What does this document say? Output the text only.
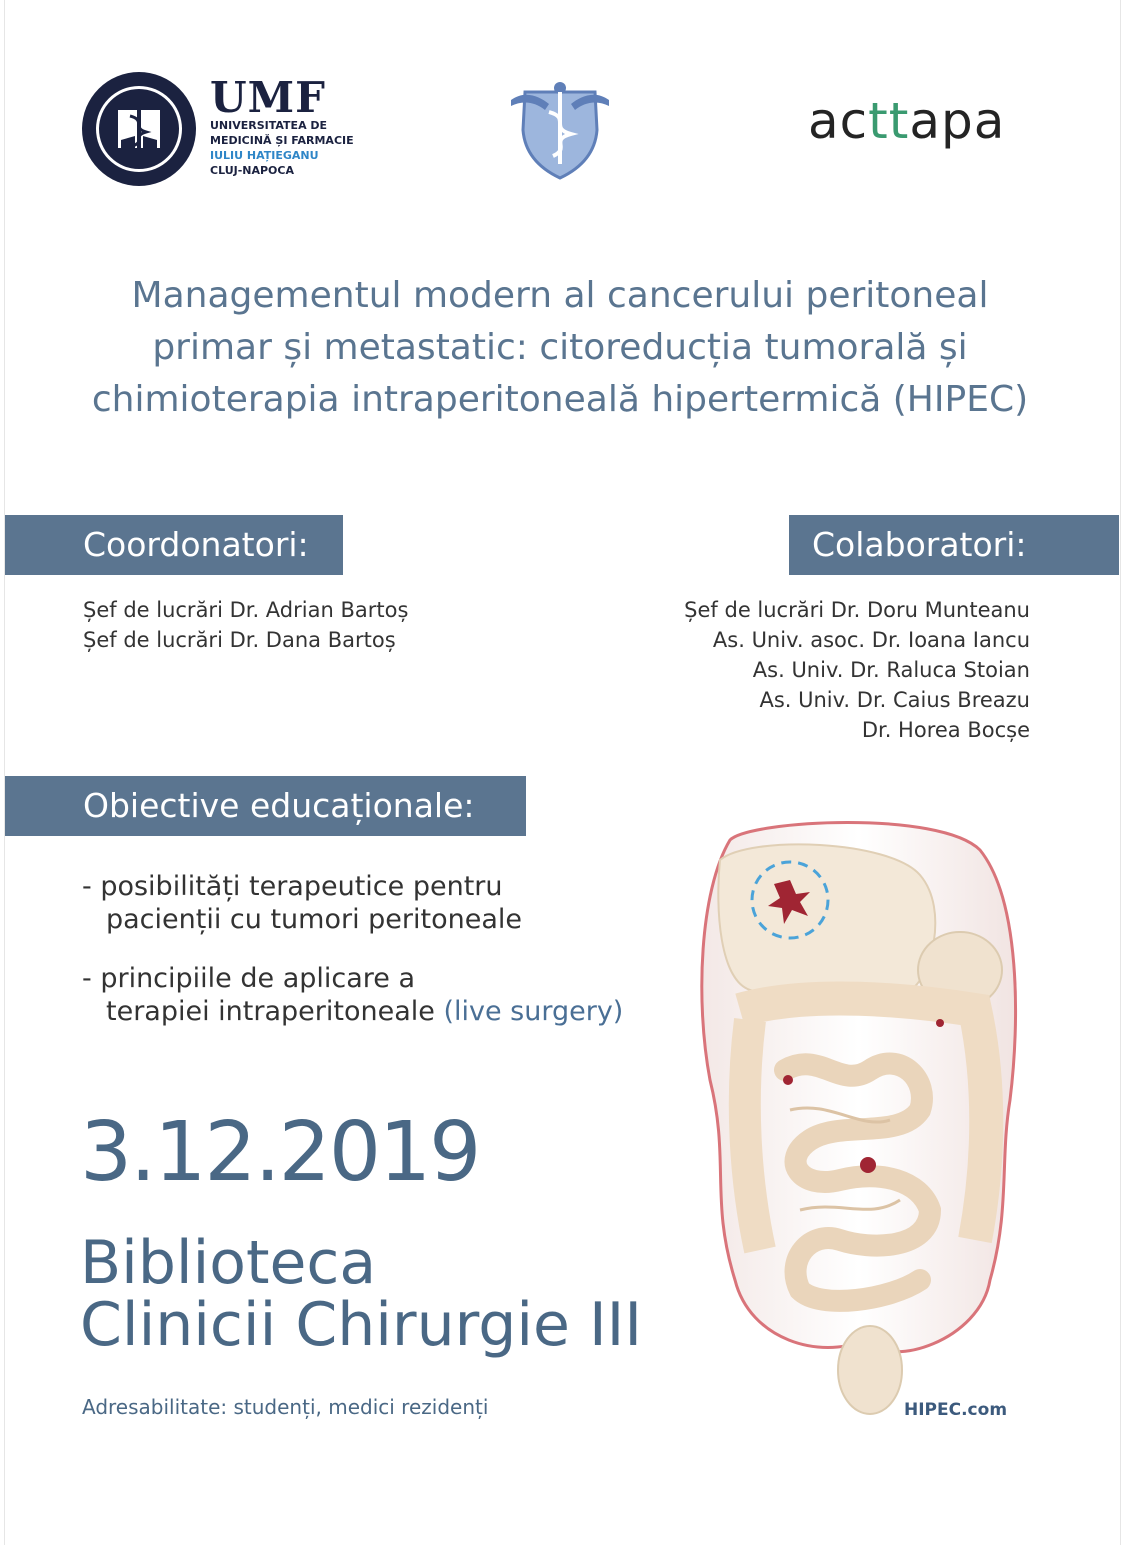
UMF
UNIVERSITATEA DE
MEDICINĂ ȘI FARMACIE
IULIU HAȚIEGANU
CLUJ-NAPOCA
acttapa
Managementul modern al cancerului peritoneal
primar și metastatic: citoreducția tumorală și
chimioterapia intraperitoneală hipertermică (HIPEC)
Coordonatori:
Șef de lucrări Dr. Adrian Bartoș
Șef de lucrări Dr. Dana Bartoș
Colaboratori:
Șef de lucrări Dr. Doru Munteanu
As. Univ. asoc. Dr. Ioana Iancu
As. Univ. Dr. Raluca Stoian
As. Univ. Dr. Caius Breazu
Dr. Horea Bocșe
Obiective educaționale:
- posibilități terapeutice pentru
pacienții cu tumori peritoneale
- principiile de aplicare a
terapiei intraperitoneale (live surgery)
3.12.2019
Biblioteca
Clinicii Chirurgie III
Adresabilitate: studenți, medici rezidenți	HIPEC.com
